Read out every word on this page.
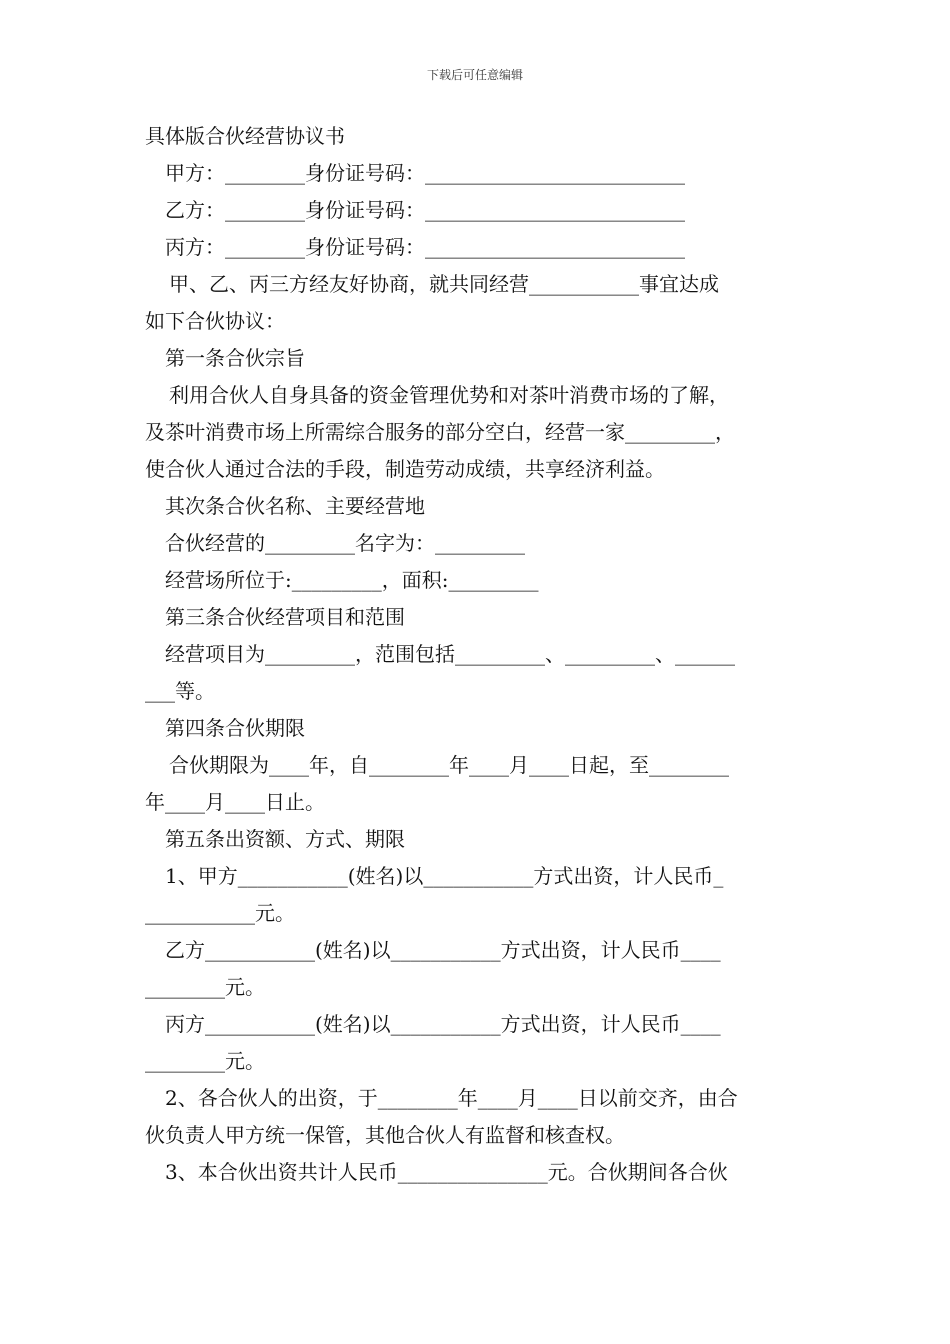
下载后可任意编辑
具体版合伙经营协议书
甲方：________身份证号码：__________________________
乙方：________身份证号码：__________________________
丙方：________身份证号码：__________________________
甲、乙、丙三方经友好协商，就共同经营___________事宜达成
如下合伙协议：
第一条合伙宗旨
利用合伙人自身具备的资金管理优势和对茶叶消费市场的了解，
及茶叶消费市场上所需综合服务的部分空白，经营一家_________，
使合伙人通过合法的手段，制造劳动成绩，共享经济利益。
其次条合伙名称、主要经营地
合伙经营的_________名字为：_________
经营场所位于:_________，面积:_________
第三条合伙经营项目和范围
经营项目为_________，范围包括_________、_________、______
___等。
第四条合伙期限
合伙期限为____年，自________年____月____日起，至________
年____月____日止。
第五条出资额、方式、期限
1、甲方___________(姓名)以___________方式出资，计人民币_
___________元。
乙方___________(姓名)以___________方式出资，计人民币____
________元。
丙方___________(姓名)以___________方式出资，计人民币____
________元。
2、各合伙人的出资，于________年____月____日以前交齐，由合
伙负责人甲方统一保管，其他合伙人有监督和核查权。
3、本合伙出资共计人民币_______________元。合伙期间各合伙
